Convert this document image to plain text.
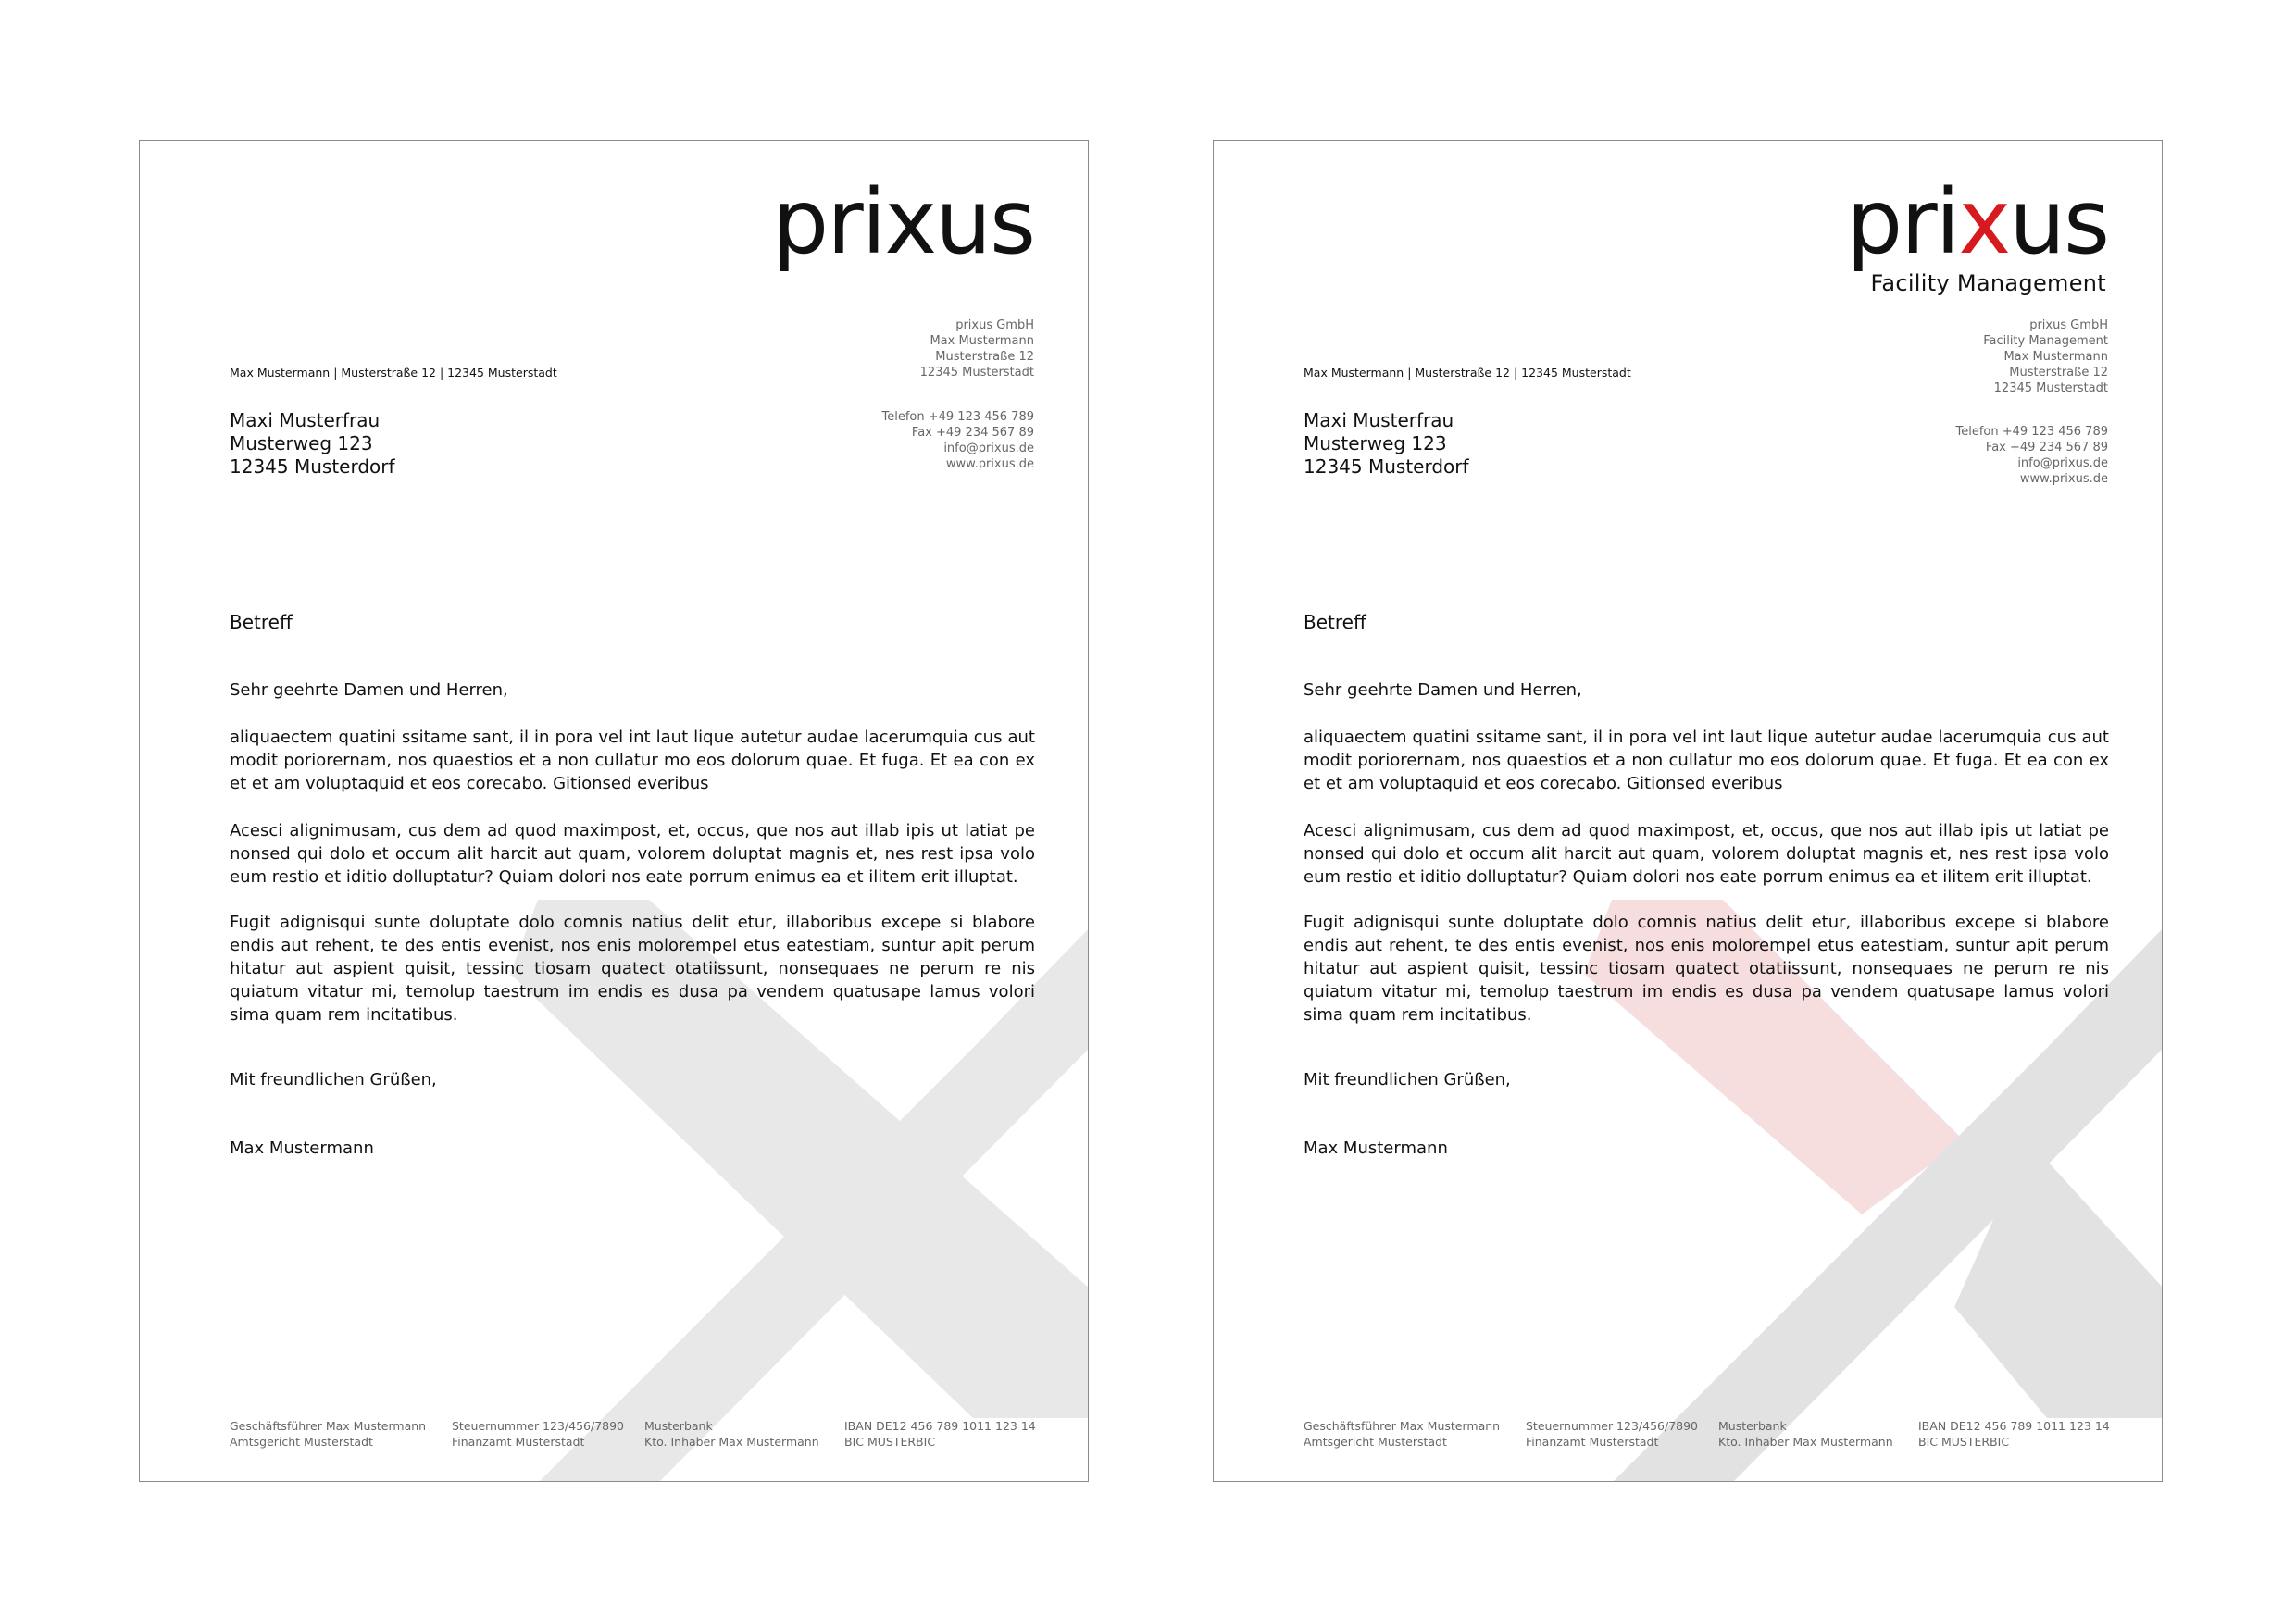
prixus
prixus GmbH
Max Mustermann
Musterstraße 12
12345 Musterstadt
Telefon +49 123 456 789
Fax +49 234 567 89
info@prixus.de
www.prixus.de
Max Mustermann | Musterstraße 12 | 12345 Musterstadt
Maxi Musterfrau
Musterweg 123
12345 Musterdorf
Betreff
Sehr geehrte Damen und Herren,
aliquaectem quatini ssitame sant, il in pora vel int laut lique autetur audae lacerumquia cus aut modit poriorernam, nos quaestios et a non cullatur mo eos dolorum quae. Et fuga. Et ea con ex et et am voluptaquid et eos corecabo. Gitionsed everibus
Acesci alignimusam, cus dem ad quod maximpost, et, occus, que nos aut illab ipis ut latiat pe nonsed qui dolo et occum alit harcit aut quam, volorem doluptat magnis et, nes rest ipsa volo eum restio et iditio dolluptatur? Quiam dolori nos eate porrum enimus ea et ilitem erit illuptat.
Fugit adignisqui sunte doluptate dolo comnis natius delit etur, illaboribus excepe si blabore endis aut rehent, te des entis evenist, nos enis molorempel etus eatestiam, suntur apit perum hitatur aut aspient quisit, tessinc tiosam quatect otatiissunt, nonsequaes ne perum re nis quiatum vitatur mi, temolup taestrum im endis es dusa pa vendem quatusape lamus volori sima quam rem incitatibus.
Mit freundlichen Grüßen,
Max Mustermann
Geschäftsführer Max Mustermann
Amtsgericht Musterstadt
Steuernummer 123/456/7890
Finanzamt Musterstadt
Musterbank
Kto. Inhaber Max Mustermann
IBAN DE12 456 789 1011 123 14
BIC MUSTERBIC
prixus
Facility Management
prixus GmbH
Facility Management
Max Mustermann
Musterstraße 12
12345 Musterstadt
Telefon +49 123 456 789
Fax +49 234 567 89
info@prixus.de
www.prixus.de
Max Mustermann | Musterstraße 12 | 12345 Musterstadt
Maxi Musterfrau
Musterweg 123
12345 Musterdorf
Betreff
Sehr geehrte Damen und Herren,
aliquaectem quatini ssitame sant, il in pora vel int laut lique autetur audae lacerumquia cus aut modit poriorernam, nos quaestios et a non cullatur mo eos dolorum quae. Et fuga. Et ea con ex et et am voluptaquid et eos corecabo. Gitionsed everibus
Acesci alignimusam, cus dem ad quod maximpost, et, occus, que nos aut illab ipis ut latiat pe nonsed qui dolo et occum alit harcit aut quam, volorem doluptat magnis et, nes rest ipsa volo eum restio et iditio dolluptatur? Quiam dolori nos eate porrum enimus ea et ilitem erit illuptat.
Fugit adignisqui sunte doluptate dolo comnis natius delit etur, illaboribus excepe si blabore endis aut rehent, te des entis evenist, nos enis molorempel etus eatestiam, suntur apit perum hitatur aut aspient quisit, tessinc tiosam quatect otatiissunt, nonsequaes ne perum re nis quiatum vitatur mi, temolup taestrum im endis es dusa pa vendem quatusape lamus volori sima quam rem incitatibus.
Mit freundlichen Grüßen,
Max Mustermann
Geschäftsführer Max Mustermann
Amtsgericht Musterstadt
Steuernummer 123/456/7890
Finanzamt Musterstadt
Musterbank
Kto. Inhaber Max Mustermann
IBAN DE12 456 789 1011 123 14
BIC MUSTERBIC
